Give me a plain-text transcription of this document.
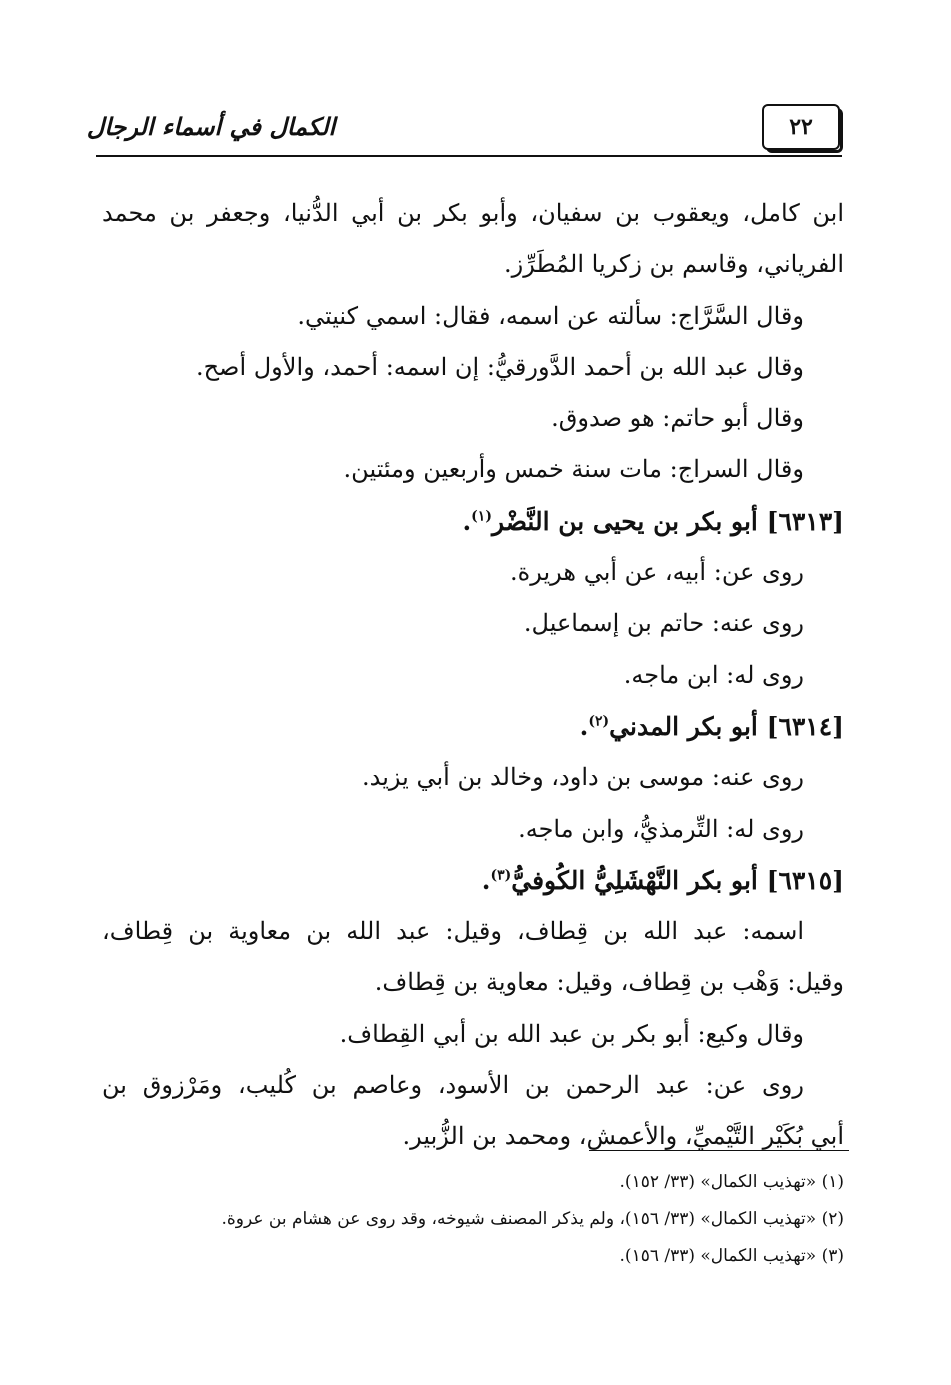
٢٢
الكمال في أسماء الرجال
ابن كامل، ويعقوب بن سفيان، وأبو بكر بن أبي الدُّنيا، وجعفر بن محمد
الفرياني، وقاسم بن زكريا المُطَرِّز.
وقال السَّرَّاج: سألته عن اسمه، فقال: اسمي كنيتي.
وقال عبد الله بن أحمد الدَّورقيُّ: إن اسمه: أحمد، والأول أصح.
وقال أبو حاتم: هو صدوق.
وقال السراج: مات سنة خمس وأربعين ومئتين.
[٦٣١٣] أبو بكر بن يحيى بن النَّضْر$^{(١)}$.
روى عن: أبيه، عن أبي هريرة.
روى عنه: حاتم بن إسماعيل.
روى له: ابن ماجه.
[٦٣١٤] أبو بكر المدني$^{(٢)}$.
روى عنه: موسى بن داود، وخالد بن أبي يزيد.
روى له: التِّرمذيُّ، وابن ماجه.
[٦٣١٥] أبو بكر النَّهْشَلِيُّ الكُوفيُّ$^{(٣)}$.
اسمه: عبد الله بن قِطاف، وقيل: عبد الله بن معاوية بن قِطاف،
وقيل: وَهْب بن قِطاف، وقيل: معاوية بن قِطاف.
وقال وكيع: أبو بكر بن عبد الله بن أبي القِطاف.
روى عن: عبد الرحمن بن الأسود، وعاصم بن كُليب، ومَرْزوق بن
أبي بُكَيْر التَّيْميِّ، والأعمش، ومحمد بن الزُّبير.
(١) «تهذيب الكمال» (٣٣/ ١٥٢).
(٢) «تهذيب الكمال» (٣٣/ ١٥٦)، ولم يذكر المصنف شيوخه، وقد روى عن هشام بن عروة.
(٣) «تهذيب الكمال» (٣٣/ ١٥٦).
